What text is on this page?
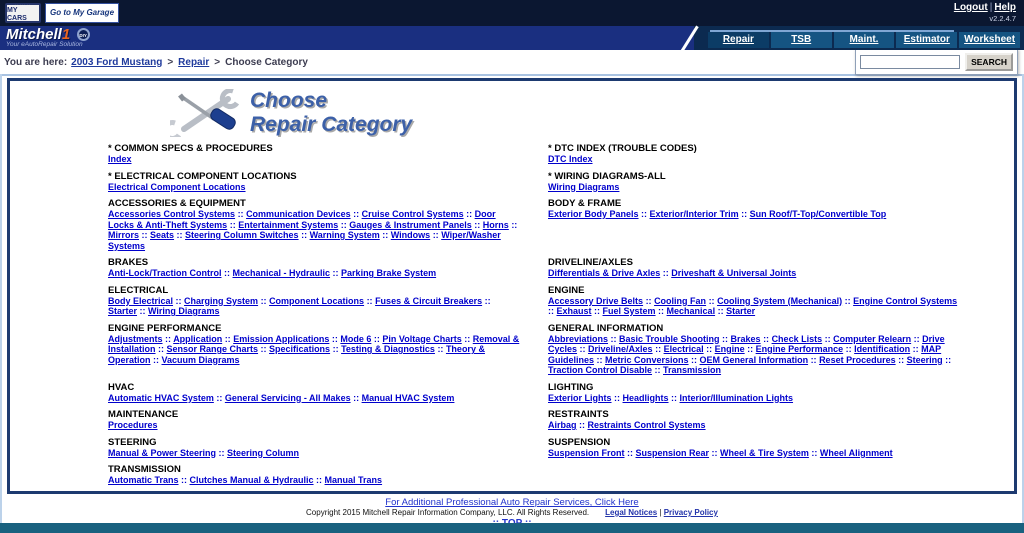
·······
MY CARS
Go to My Garage	Logout | Help
v2.2.4.7
Mitchell1 DIY
Your eAutoRepair Solution	Repair	TSB	Maint.	Estimator	Worksheet
You are here: 2003 Ford Mustang > Repair > Choose Category	SEARCH
Choose
Repair Category
* COMMON SPECS & PROCEDURES
Index
* DTC INDEX (TROUBLE CODES)
DTC Index
* ELECTRICAL COMPONENT LOCATIONS
Electrical Component Locations
* WIRING DIAGRAMS-ALL
Wiring Diagrams
ACCESSORIES & EQUIPMENT
Accessories Control Systems :: Communication Devices :: Cruise Control Systems :: Door Locks & Anti-Theft Systems :: Entertainment Systems :: Gauges & Instrument Panels :: Horns :: Mirrors :: Seats :: Steering Column Switches :: Warning System :: Windows :: Wiper/Washer Systems
BODY & FRAME
Exterior Body Panels :: Exterior/Interior Trim :: Sun Roof/T-Top/Convertible Top
BRAKES
Anti-Lock/Traction Control :: Mechanical - Hydraulic :: Parking Brake System
DRIVELINE/AXLES
Differentials & Drive Axles :: Driveshaft & Universal Joints
ELECTRICAL
Body Electrical :: Charging System :: Component Locations :: Fuses & Circuit Breakers :: Starter :: Wiring Diagrams
ENGINE
Accessory Drive Belts :: Cooling Fan :: Cooling System (Mechanical) :: Engine Control Systems :: Exhaust :: Fuel System :: Mechanical :: Starter
ENGINE PERFORMANCE
Adjustments :: Application :: Emission Applications :: Mode 6 :: Pin Voltage Charts :: Removal & Installation :: Sensor Range Charts :: Specifications :: Testing & Diagnostics :: Theory & Operation :: Vacuum Diagrams
GENERAL INFORMATION
Abbreviations :: Basic Trouble Shooting :: Brakes :: Check Lists :: Computer Relearn :: Drive Cycles :: Driveline/Axles :: Electrical :: Engine :: Engine Performance :: Identification :: MAP Guidelines :: Metric Conversions :: OEM General Information :: Reset Procedures :: Steering :: Traction Control Disable :: Transmission
HVAC
Automatic HVAC System :: General Servicing - All Makes :: Manual HVAC System
LIGHTING
Exterior Lights :: Headlights :: Interior/Illumination Lights
MAINTENANCE
Procedures
RESTRAINTS
Airbag :: Restraints Control Systems
STEERING
Manual & Power Steering :: Steering Column
SUSPENSION
Suspension Front :: Suspension Rear :: Wheel & Tire System :: Wheel Alignment
TRANSMISSION
Automatic Trans :: Clutches Manual & Hydraulic :: Manual Trans
For Additional Professional Auto Repair Services, Click Here
Copyright 2015 Mitchell Repair Information Company, LLC. All Rights Reserved. Legal Notices | Privacy Policy
